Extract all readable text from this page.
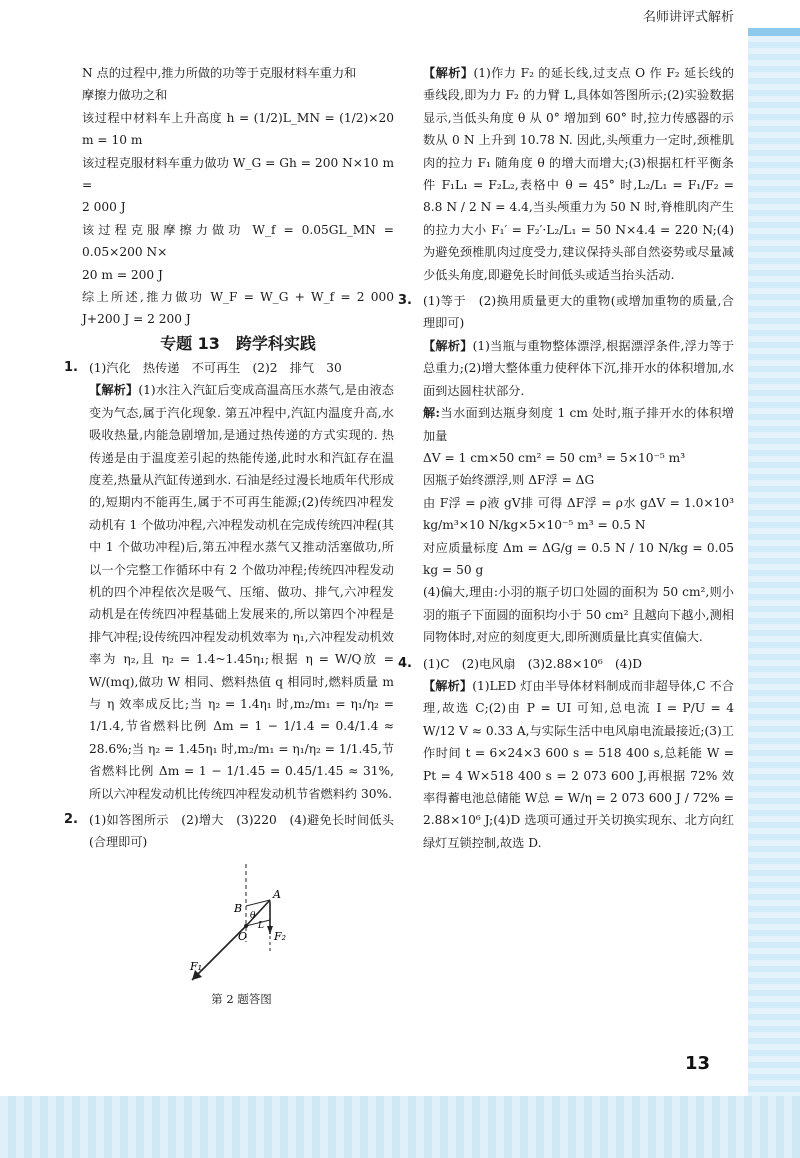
名师讲评式解析
13

N 点的过程中,推力所做的功等于克服材料车重力和

摩擦力做功之和

该过程中材料车上升高度 h = (1/2)L_MN = (1/2)×20 m = 10 m

该过程克服材料车重力做功 W_G = Gh = 200 N×10 m =

2 000 J

该过程克服摩擦力做功 W_f = 0.05GL_MN = 0.05×200 N×

20 m = 200 J

综上所述,推力做功 W_F = W_G + W_f = 2 000 J+200 J = 2 200 J

专题 13　跨学科实践
1. (1)汽化　热传递　不可再生　(2)2　排气　30

【解析】(1)水注入汽缸后变成高温高压水蒸气,是由液态变为气态,属于汽化现象. 第五冲程中,汽缸内温度升高,水吸收热量,内能急剧增加,是通过热传递的方式实现的. 热传递是由于温度差引起的热能传递,此时水和汽缸存在温度差,热量从汽缸传递到水. 石油是经过漫长地质年代形成的,短期内不能再生,属于不可再生能源;(2)传统四冲程发动机有 1 个做功冲程,六冲程发动机在完成传统四冲程(其中 1 个做功冲程)后,第五冲程水蒸气又推动活塞做功,所以一个完整工作循环中有 2 个做功冲程;传统四冲程发动机的四个冲程依次是吸气、压缩、做功、排气,六冲程发动机是在传统四冲程基础上发展来的,所以第四个冲程是排气冲程;设传统四冲程发动机效率为 η₁,六冲程发动机效率为 η₂,且 η₂ = 1.4~1.45η₁;根据 η = W/Q放 = W/(mq),做功 W 相同、燃料热值 q 相同时,燃料质量 m 与 η 效率成反比;当 η₂ = 1.4η₁ 时,m₂/m₁ = η₁/η₂ = 1/1.4,节省燃料比例 Δm = 1 − 1/1.4 = 0.4/1.4 ≈ 28.6%;当 η₂ = 1.45η₁ 时,m₂/m₁ = η₁/η₂ = 1/1.45,节省燃料比例 Δm = 1 − 1/1.45 = 0.45/1.45 ≈ 31%,所以六冲程发动机比传统四冲程发动机节省燃料约 30%.

2. (1)如答图所示　(2)增大　(3)220　(4)避免长时间低头(合理即可)

A
B
θ
L
O F₂
F₁
第 2 题答图

【解析】(1)作力 F₂ 的延长线,过支点 O 作 F₂ 延长线的垂线段,即为力 F₂ 的力臂 L,具体如答图所示;(2)实验数据显示,当低头角度 θ 从 0° 增加到 60° 时,拉力传感器的示数从 0 N 上升到 10.78 N. 因此,头颅重力一定时,颈椎肌肉的拉力 F₁ 随角度 θ 的增大而增大;(3)根据杠杆平衡条件 F₁L₁ = F₂L₂,表格中 θ = 45° 时,L₂/L₁ = F₁/F₂ = 8.8 N / 2 N = 4.4,当头颅重力为 50 N 时,脊椎肌肉产生的拉力大小 F₁′ = F₂′·L₂/L₁ = 50 N×4.4 = 220 N;(4)为避免颈椎肌肉过度受力,建议保持头部自然姿势或尽量减少低头角度,即避免长时间低头或适当抬头活动.

3. (1)等于　(2)换用质量更大的重物(或增加重物的质量,合理即可)

【解析】(1)当瓶与重物整体漂浮,根据漂浮条件,浮力等于总重力;(2)增大整体重力使秤体下沉,排开水的体积增加,水面到达圆柱状部分.

解:当水面到达瓶身刻度 1 cm 处时,瓶子排开水的体积增加量

ΔV = 1 cm×50 cm² = 50 cm³ = 5×10⁻⁵ m³

因瓶子始终漂浮,则 ΔF浮 = ΔG

由 F浮 = ρ液 gV排 可得 ΔF浮 = ρ水 gΔV = 1.0×10³ kg/m³×10 N/kg×5×10⁻⁵ m³ = 0.5 N

对应质量标度 Δm = ΔG/g = 0.5 N / 10 N/kg = 0.05 kg = 50 g

(4)偏大,理由:小羽的瓶子切口处圆的面积为 50 cm²,则小羽的瓶子下面圆的面积均小于 50 cm² 且越向下越小,测相同物体时,对应的刻度更大,即所测质量比真实值偏大.

4. (1)C　(2)电风扇　(3)2.88×10⁶　(4)D

【解析】(1)LED 灯由半导体材料制成而非超导体,C 不合理,故选 C;(2)由 P = UI 可知,总电流 I = P/U = 4 W/12 V ≈ 0.33 A,与实际生活中电风扇电流最接近;(3)工作时间 t = 6×24×3 600 s = 518 400 s,总耗能 W = Pt = 4 W×518 400 s = 2 073 600 J,再根据 72% 效率得蓄电池总储能 W总 = W/η = 2 073 600 J / 72% = 2.88×10⁶ J;(4)D 选项可通过开关切换实现东、北方向红绿灯互锁控制,故选 D.
